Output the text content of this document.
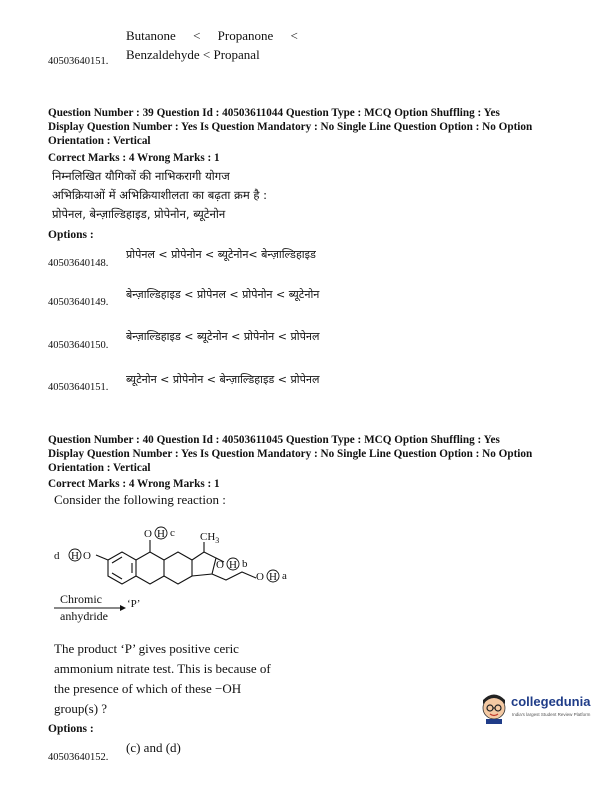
Butanone < Propanone <
40503640151. Benzaldehyde < Propanal
Question Number : 39 Question Id : 40503611044 Question Type : MCQ Option Shuffling : Yes
Display Question Number : Yes Is Question Mandatory : No Single Line Question Option : No Option
Orientation : Vertical
Correct Marks : 4 Wrong Marks : 1
निम्नलिखित यौगिकों की नाभिकरागी योगज
अभिक्रियाओं में अभिक्रियाशीलता का बढ़ता क्रम है :
प्रोपेनल, बेन्ज़ाल्डिहाइड, प्रोपेनोन, ब्यूटेनोन
Options :
40503640148.
प्रोपेनल < प्रोपेनोन < ब्यूटेनोन< बेन्ज़ाल्डिहाइड
40503640149.
बेन्ज़ाल्डिहाइड < प्रोपेनल < प्रोपेनोन < ब्यूटेनोन
40503640150.
बेन्ज़ाल्डिहाइड < ब्यूटेनोन < प्रोपेनोन < प्रोपेनल
40503640151.
ब्यूटेनोन < प्रोपेनोन < बेन्ज़ाल्डिहाइड < प्रोपेनल
Question Number : 40 Question Id : 40503611045 Question Type : MCQ Option Shuffling : Yes
Display Question Number : Yes Is Question Mandatory : No Single Line Question Option : No Option
Orientation : Vertical
Correct Marks : 4 Wrong Marks : 1
Consider the following reaction :
d H O
O H c $CH_3$
O H b
O H a
Chromic
anhydride
‘P’
The product ‘P’ gives positive ceric
ammonium nitrate test. This is because of
the presence of which of these −OH
group(s) ?
Options :
40503640152.
(c) and (d)
collegedunia
India's largest Student Review Platform
